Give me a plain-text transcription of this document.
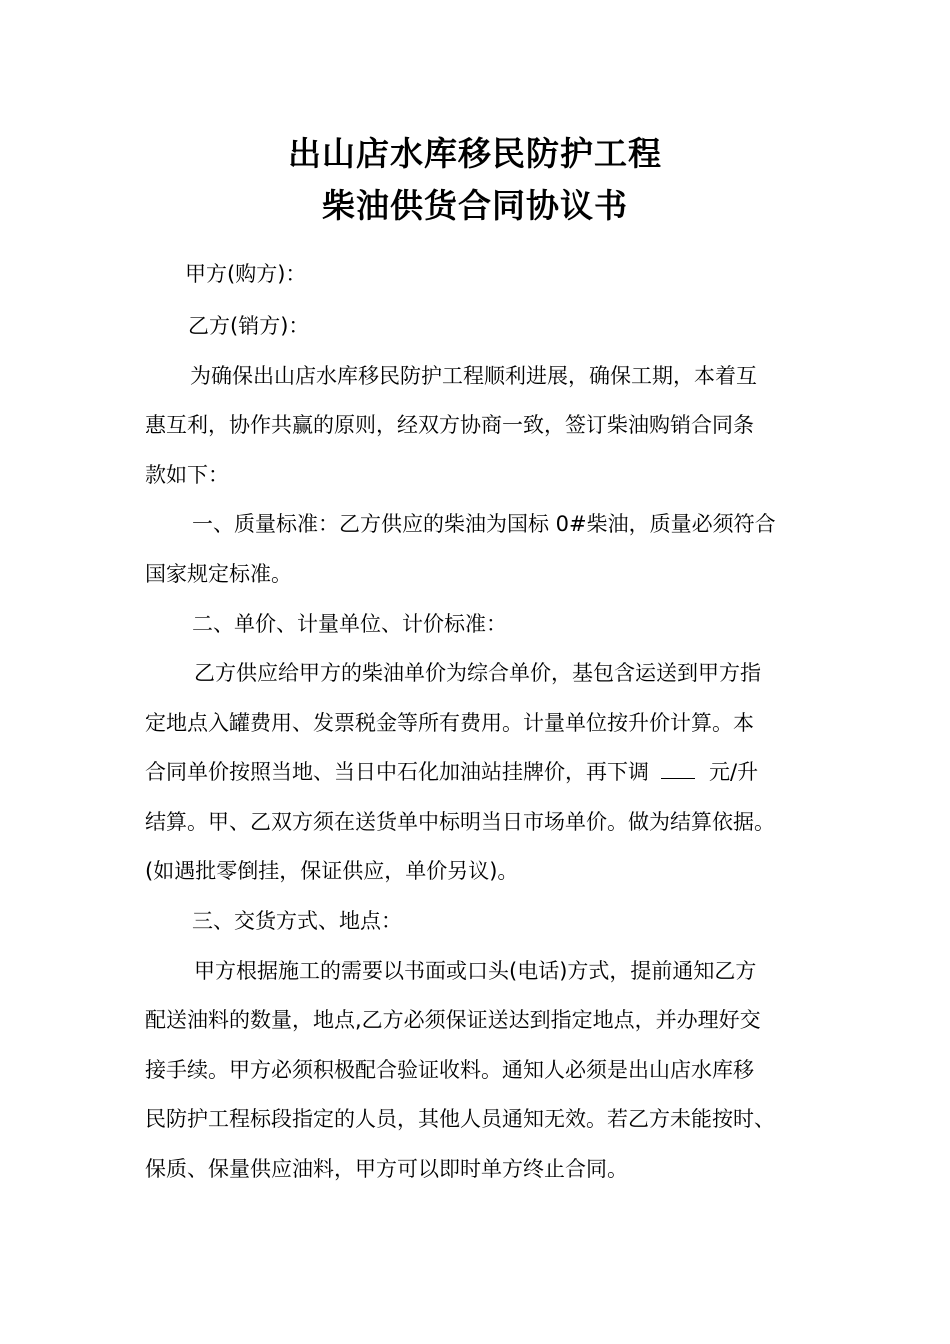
出山店水库移民防护工程
柴油供货合同协议书
甲方(购方)：
乙方(销方)：
为确保出山店水库移民防护工程顺利进展，确保工期，本着互
惠互利，协作共赢的原则，经双方协商一致，签订柴油购销合同条
款如下：
一、质量标准：乙方供应的柴油为国标 0#柴油，质量必须符合
国家规定标准。
二、单价、计量单位、计价标准：
乙方供应给甲方的柴油单价为综合单价，基包含运送到甲方指
定地点入罐费用、发票税金等所有费用。计量单位按升价计算。本
合同单价按照当地、当日中石化加油站挂牌价，再下调	元/升
结算。甲、乙双方须在送货单中标明当日市场单价。做为结算依据。
(如遇批零倒挂，保证供应，单价另议)。
三、交货方式、地点：
甲方根据施工的需要以书面或口头(电话)方式，提前通知乙方
配送油料的数量，地点,乙方必须保证送达到指定地点，并办理好交
接手续。甲方必须积极配合验证收料。通知人必须是出山店水库移
民防护工程标段指定的人员，其他人员通知无效。若乙方未能按时、
保质、保量供应油料，甲方可以即时单方终止合同。
